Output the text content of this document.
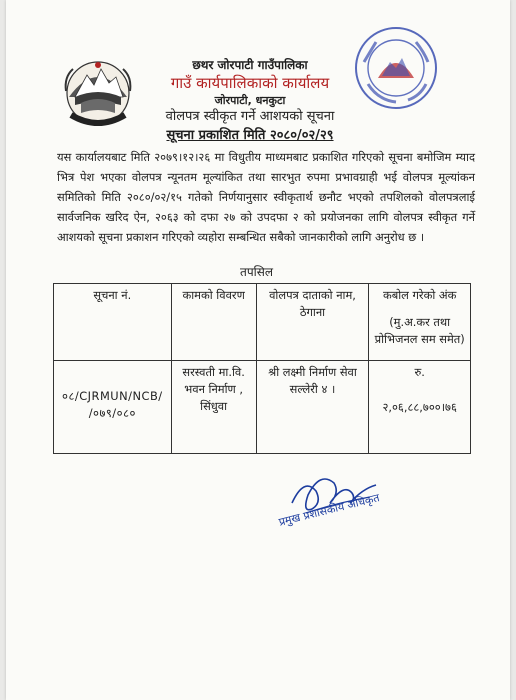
छथर जोरपाटी गाउँपालिका
गाउँ कार्यपालिकाको कार्यालय
जोरपाटी, धनकुटा
वोलपत्र स्वीकृत गर्ने आशयको सूचना
सूचना प्रकाशित मिति २०८०/०२/२९
यस कार्यालयबाट मिति २०७९।१२।२६ मा विधुतीय माध्यमबाट प्रकाशित गरिएको सूचना बमोजिम म्याद भित्र पेश भएका वोलपत्र न्यूनतम मूल्यांकित तथा सारभुत रुपमा प्रभावग्राही भई वोलपत्र मूल्यांकन समितिको मिति २०८०/०२/१५ गतेको निर्णयानुसार स्वीकृतार्थ छनौट भएको तपशिलको वोलपत्रलाई सार्वजनिक खरिद ऐन, २०६३ को दफा २७ को उपदफा २ को प्रयोजनका लागि वोलपत्र स्वीकृत गर्ने आशयको सूचना प्रकाशन गरिएको व्यहोरा सम्बन्धित सबैको जानकारीको लागि अनुरोध छ ।
तपसिल
सूचना नं.	कामको विवरण	वोलपत्र दाताको नाम, ठेगाना	कबोल गरेको अंक
(मु.अ.कर तथा प्रोभिजनल सम समेत)

०८/CJRMUN/NCB/ /०७९/०८०	सरस्वती मा.वि. भवन निर्माण , सिंधुवा	श्री लक्ष्मी निर्माण सेवा सल्लेरी ४ ।	रु.
२,०६,८८,७००।७६
प्रमुख प्रशासकीय अधिकृत
